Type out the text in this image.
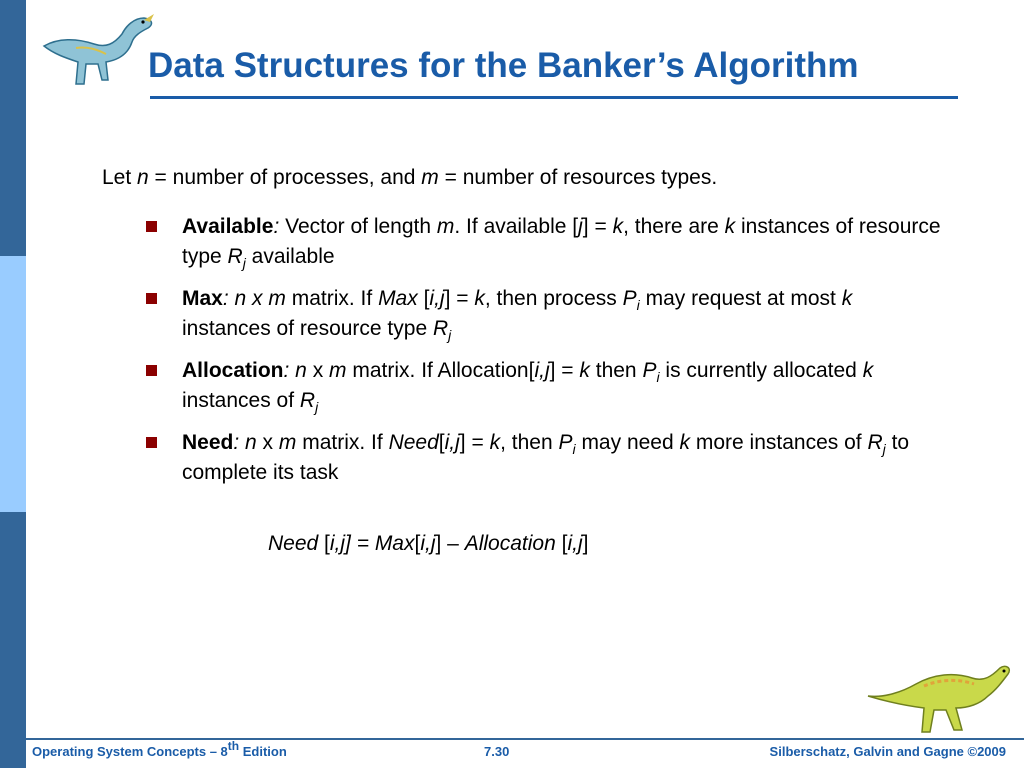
Data Structures for the Banker’s Algorithm
Let n = number of processes, and m = number of resources types.
Available: Vector of length m. If available [j] = k, there are k instances of resource type $R_j$ available
Max: n x m matrix. If Max [i,j] = k, then process $P_i$ may request at most k instances of resource type $R_j$
Allocation: n x m matrix. If Allocation[i,j] = k then $P_i$ is currently allocated k instances of $R_j$
Need: n x m matrix. If Need[i,j] = k, then $P_i$ may need k more instances of $R_j$ to complete its task
Need [i,j] = Max[i,j] – Allocation [i,j]
Operating System Concepts – 8th Edition	7.30	Silberschatz, Galvin and Gagne ©2009
